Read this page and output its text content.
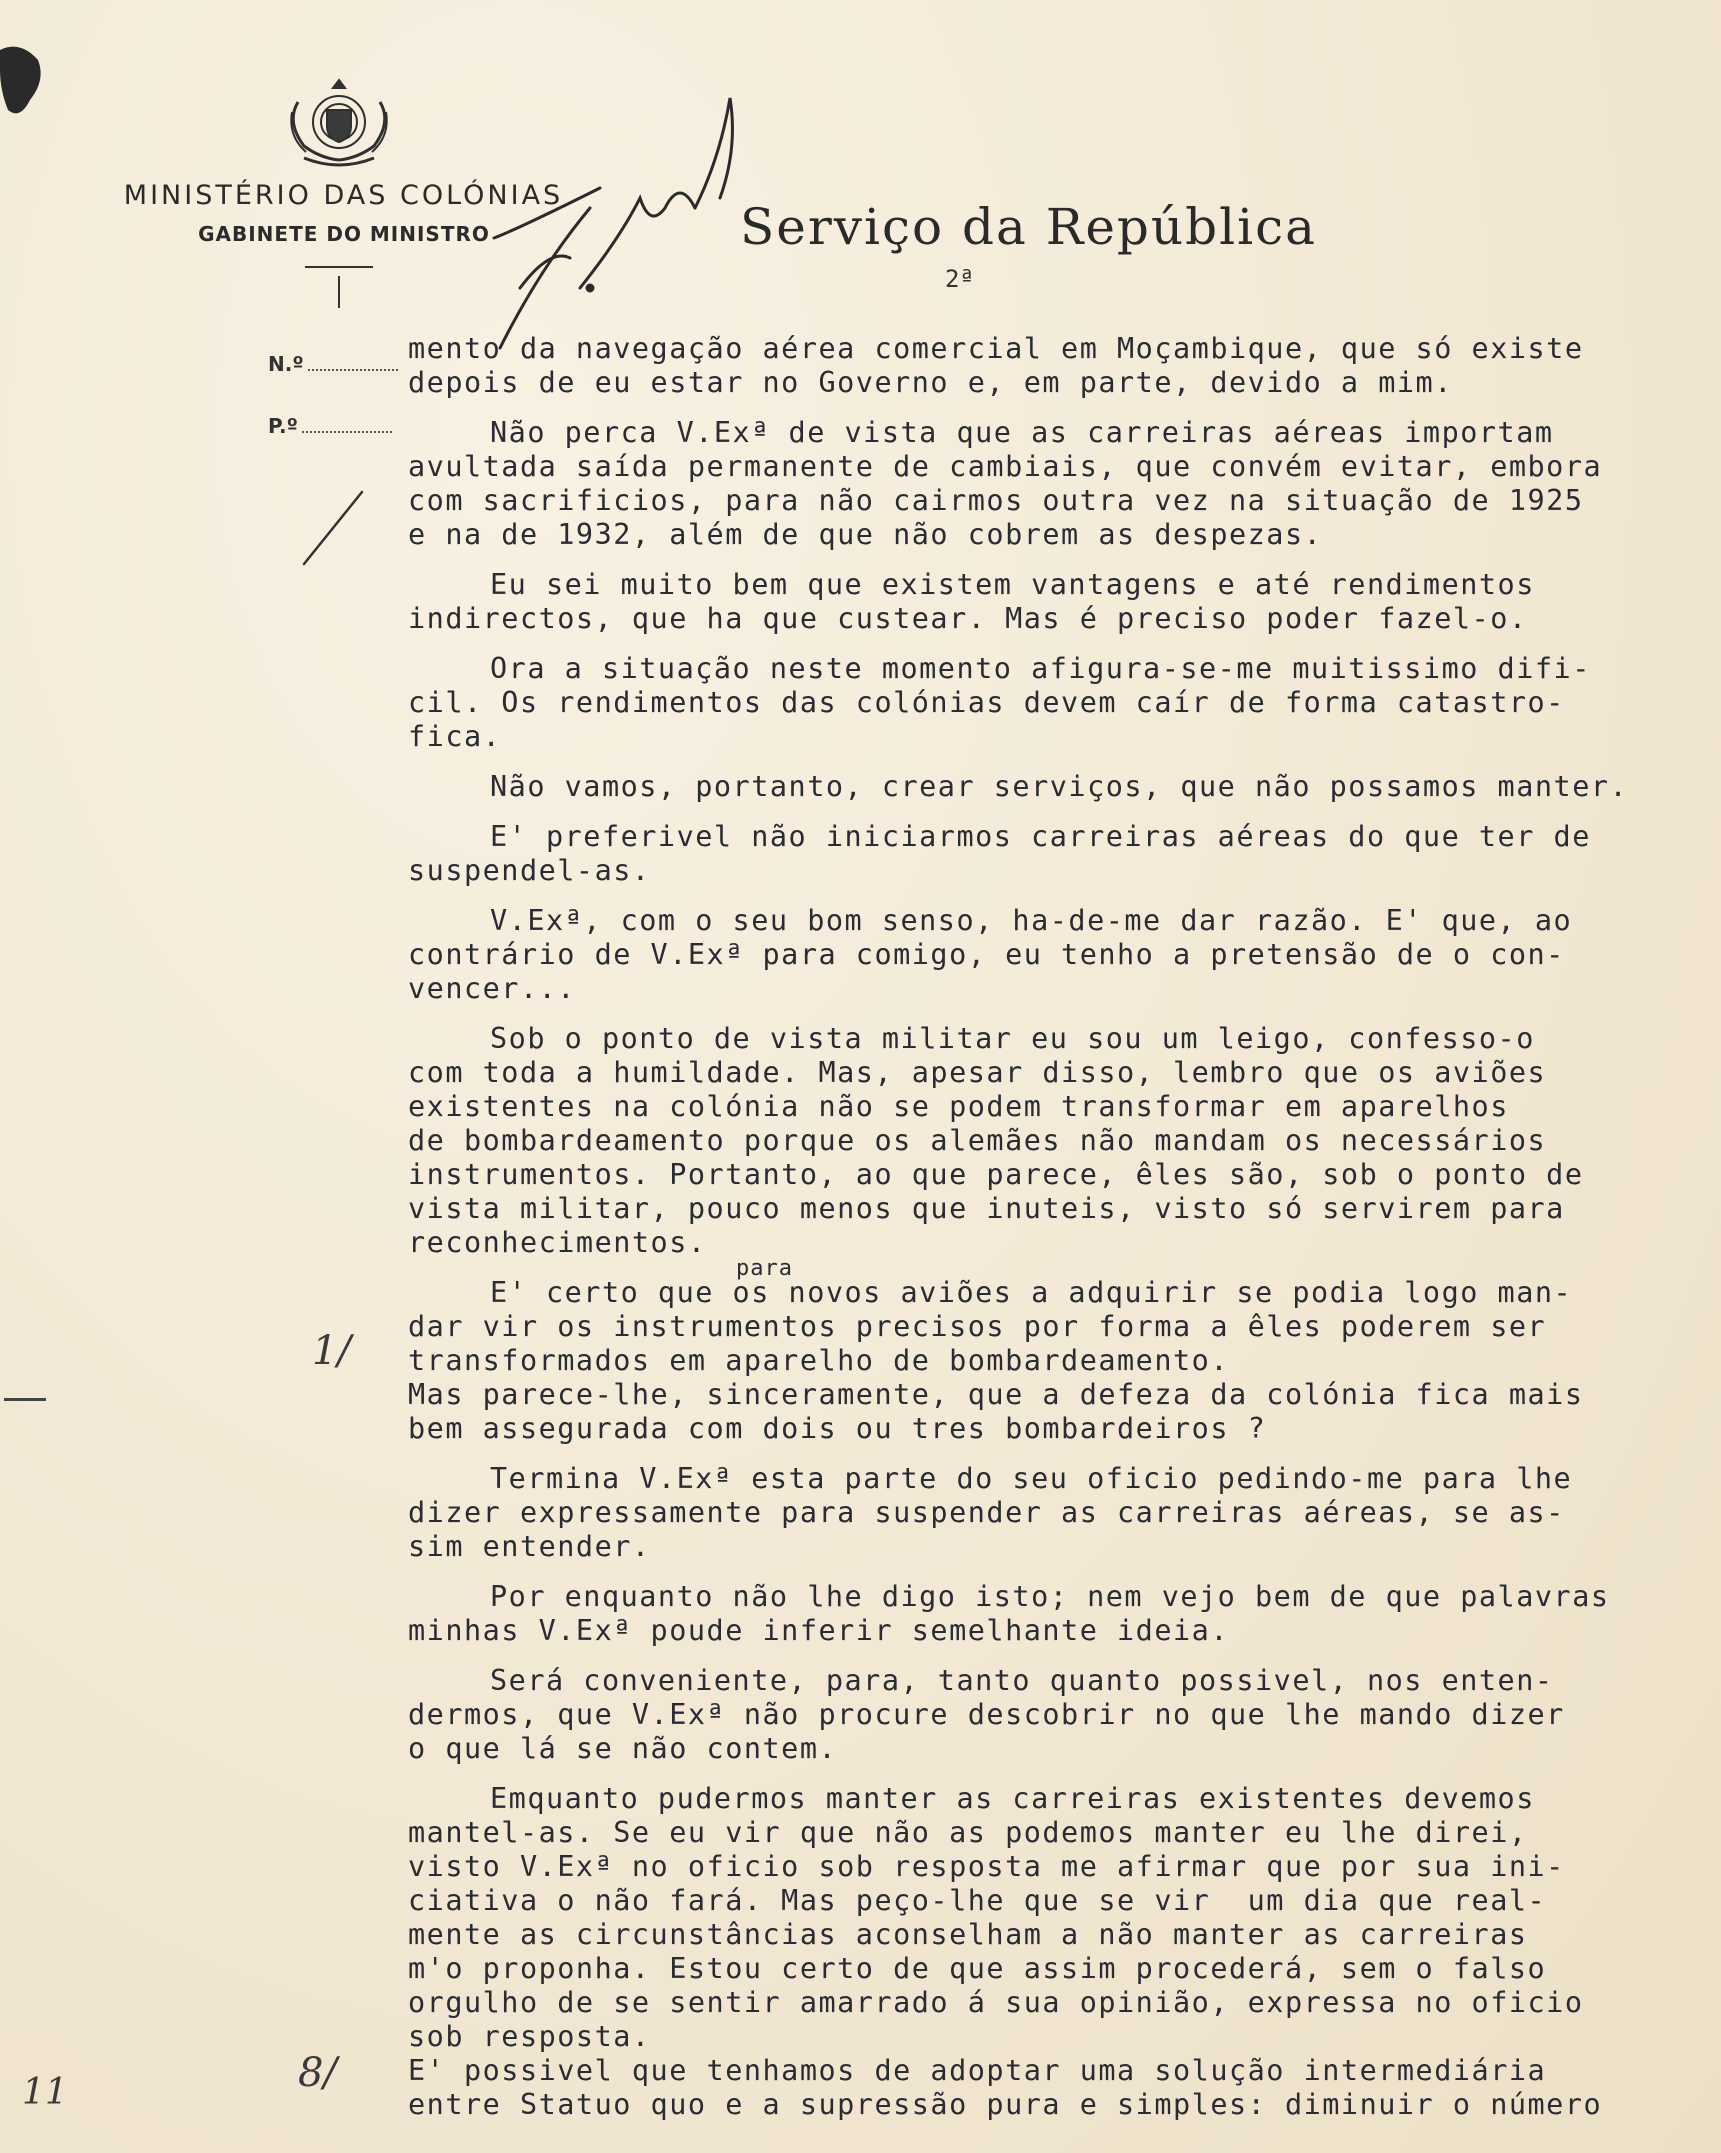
MINISTÉRIO DAS COLÓNIAS
GABINETE DO MINISTRO	Serviço da República
2ª
N.º
P.º
mento da navegação aérea comercial em Moçambique, que só existe
depois de eu estar no Governo e, em parte, devido a mim.
Não perca V.Exª de vista que as carreiras aéreas importam
avultada saída permanente de cambiais, que convém evitar, embora
com sacrificios, para não cairmos outra vez na situação de 1925
e na de 1932, além de que não cobrem as despezas.
Eu sei muito bem que existem vantagens e até rendimentos
indirectos, que ha que custear. Mas é preciso poder fazel-o.
Ora a situação neste momento afigura-se-me muitissimo difi-
cil. Os rendimentos das colónias devem caír de forma catastro-
fica.
Não vamos, portanto, crear serviços, que não possamos manter.
E' preferivel não iniciarmos carreiras aéreas do que ter de
suspendel-as.
V.Exª, com o seu bom senso, ha-de-me dar razão. E' que, ao
contrário de V.Exª para comigo, eu tenho a pretensão de o con-
vencer...
Sob o ponto de vista militar eu sou um leigo, confesso-o
com toda a humildade. Mas, apesar disso, lembro que os aviões
existentes na colónia não se podem transformar em aparelhos
de bombardeamento porque os alemães não mandam os necessários
instrumentos. Portanto, ao que parece, êles são, sob o ponto de
vista militar, pouco menos que inuteis, visto só servirem para
reconhecimentos.
E' certo que os novos aviões a adquirir se podia logo man-
dar vir os instrumentos precisos por forma a êles poderem ser
transformados em aparelho de bombardeamento.
Mas parece-lhe, sinceramente, que a defeza da colónia fica mais
bem assegurada com dois ou tres bombardeiros ?
Termina V.Exª esta parte do seu oficio pedindo-me para lhe
dizer expressamente para suspender as carreiras aéreas, se as-
sim entender.
Por enquanto não lhe digo isto; nem vejo bem de que palavras
minhas V.Exª poude inferir semelhante ideia.
Será conveniente, para, tanto quanto possivel, nos enten-
dermos, que V.Exª não procure descobrir no que lhe mando dizer
o que lá se não contem.
Emquanto pudermos manter as carreiras existentes devemos
mantel-as. Se eu vir que não as podemos manter eu lhe direi,
visto V.Exª no oficio sob resposta me afirmar que por sua ini-
ciativa o não fará. Mas peço-lhe que se vir  um dia que real-
mente as circunstâncias aconselham a não manter as carreiras
m'o proponha. Estou certo de que assim procederá, sem o falso
orgulho de se sentir amarrado á sua opinião, expressa no oficio
sob resposta.
E' possivel que tenhamos de adoptar uma solução intermediária
entre Statuo quo e a supressão pura e simples: diminuir o número
para
1/
8/
11
